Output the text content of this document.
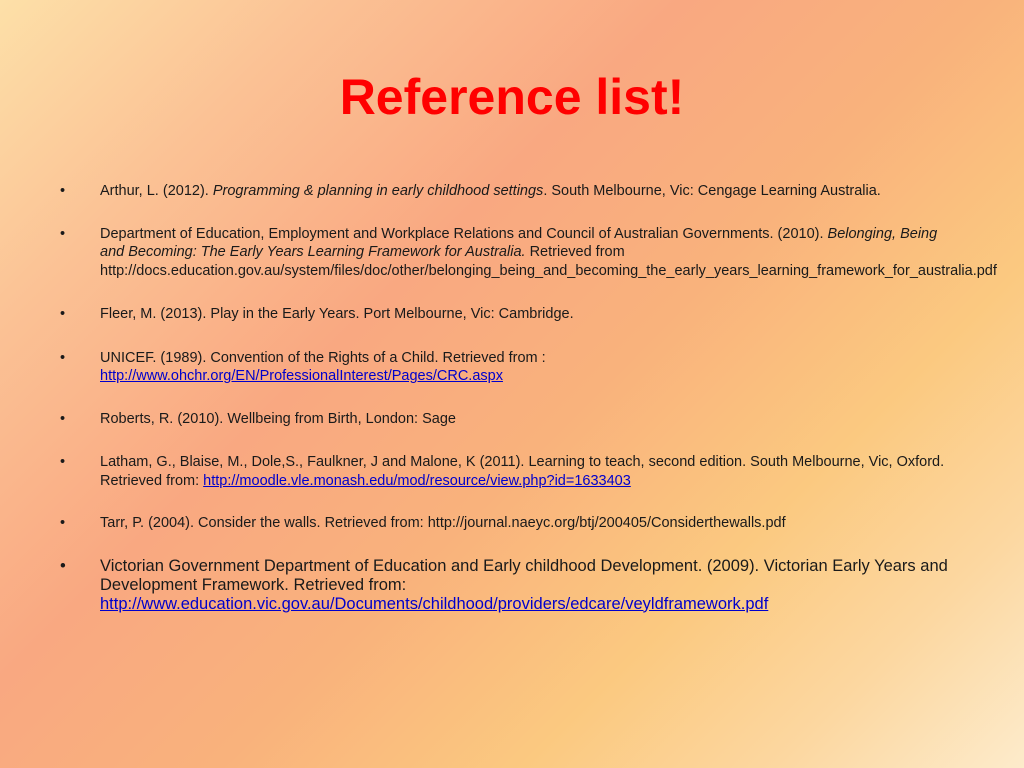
Reference list!
• Arthur, L. (2012). Programming & planning in early childhood settings. South Melbourne, Vic: Cengage Learning Australia.
• Department of Education, Employment and Workplace Relations and Council of Australian Governments. (2010). Belonging, Being and Becoming: The Early Years Learning Framework for Australia. Retrieved from http://docs.education.gov.au/system/files/doc/other/belonging_being_and_becoming_the_early_years_learning_framework_for_australia.pdf
• Fleer, M. (2013). Play in the Early Years. Port Melbourne, Vic: Cambridge.
• UNICEF. (1989). Convention of the Rights of a Child. Retrieved from :
http://www.ohchr.org/EN/ProfessionalInterest/Pages/CRC.aspx
• Roberts, R. (2010). Wellbeing from Birth, London: Sage
• Latham, G., Blaise, M., Dole,S., Faulkner, J and Malone, K (2011). Learning to teach, second edition. South Melbourne, Vic, Oxford. Retrieved from: http://moodle.vle.monash.edu/mod/resource/view.php?id=1633403
• Tarr, P. (2004). Consider the walls. Retrieved from: http://journal.naeyc.org/btj/200405/Considerthewalls.pdf
• Victorian Government Department of Education and Early childhood Development. (2009). Victorian Early Years and Development Framework. Retrieved from:
http://www.education.vic.gov.au/Documents/childhood/providers/edcare/veyldframework.pdf
